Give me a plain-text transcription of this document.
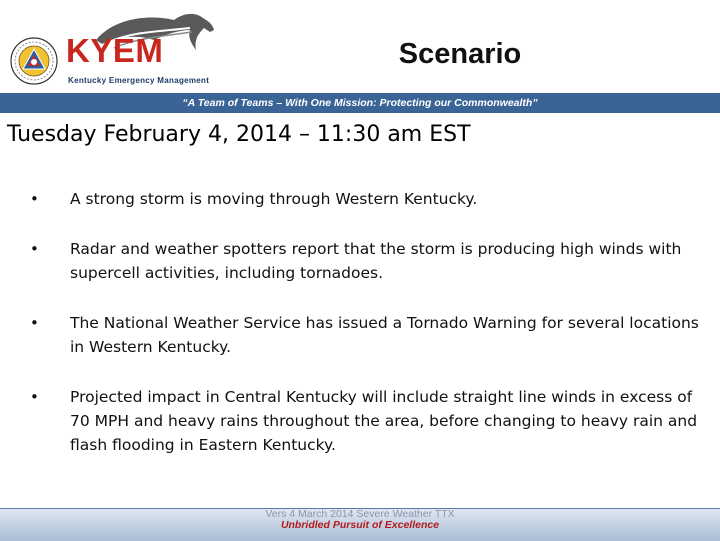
KYEM
Kentucky Emergency Management
Scenario
“A Team of Teams – With One Mission: Protecting our Commonwealth”
Tuesday February 4, 2014 – 11:30 am EST
•	A strong storm is moving through Western Kentucky.
•	Radar and weather spotters report that the storm is producing high winds with supercell activities, including tornadoes.
•	The National Weather Service has issued a Tornado Warning for several locations in Western Kentucky.
•	Projected impact in Central Kentucky will include straight line winds in excess of 70 MPH and heavy rains throughout the area, before changing to heavy rain and flash flooding in Eastern Kentucky.
Vers 4 March 2014 Severe Weather TTX
Unbridled Pursuit of Excellence
